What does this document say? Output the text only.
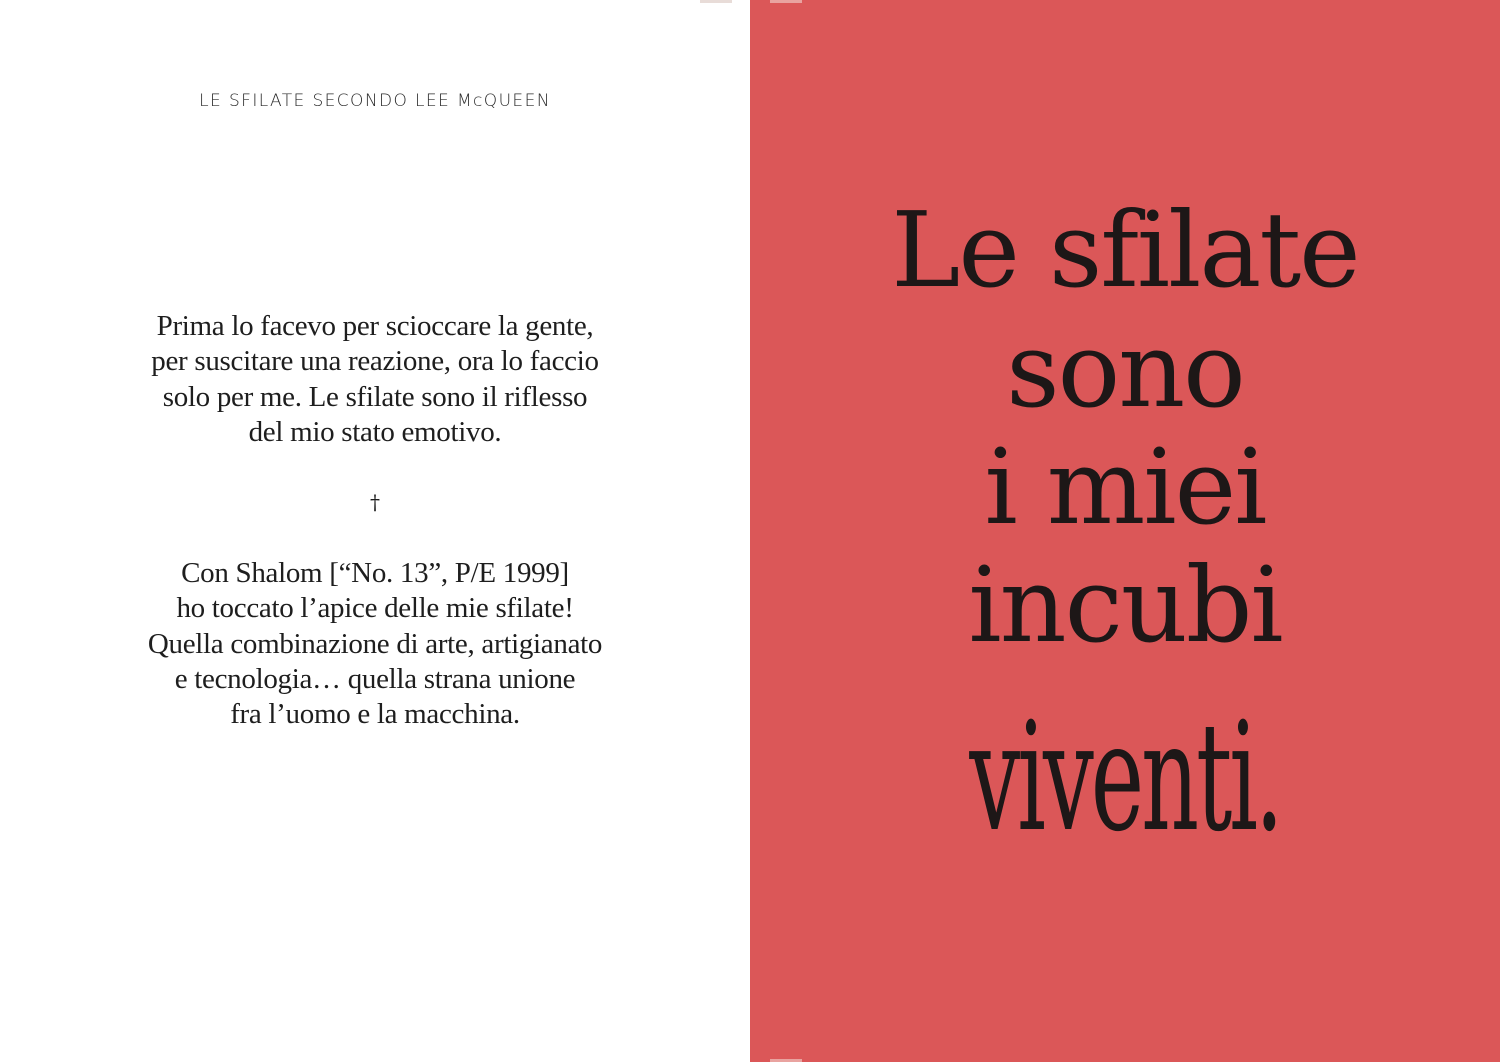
LE SFILATE SECONDO LEE McQUEEN
Prima lo facevo per scioccare la gente,
per suscitare una reazione, ora lo faccio
solo per me. Le sfilate sono il riflesso
del mio stato emotivo.
†
Con Shalom [“No. 13”, P/E 1999]
ho toccato l’apice delle mie sfilate!
Quella combinazione di arte, artigianato
e tecnologia… quella strana unione
fra l’uomo e la macchina.
Le sfilate
sono
i miei
incubi
viventi.
